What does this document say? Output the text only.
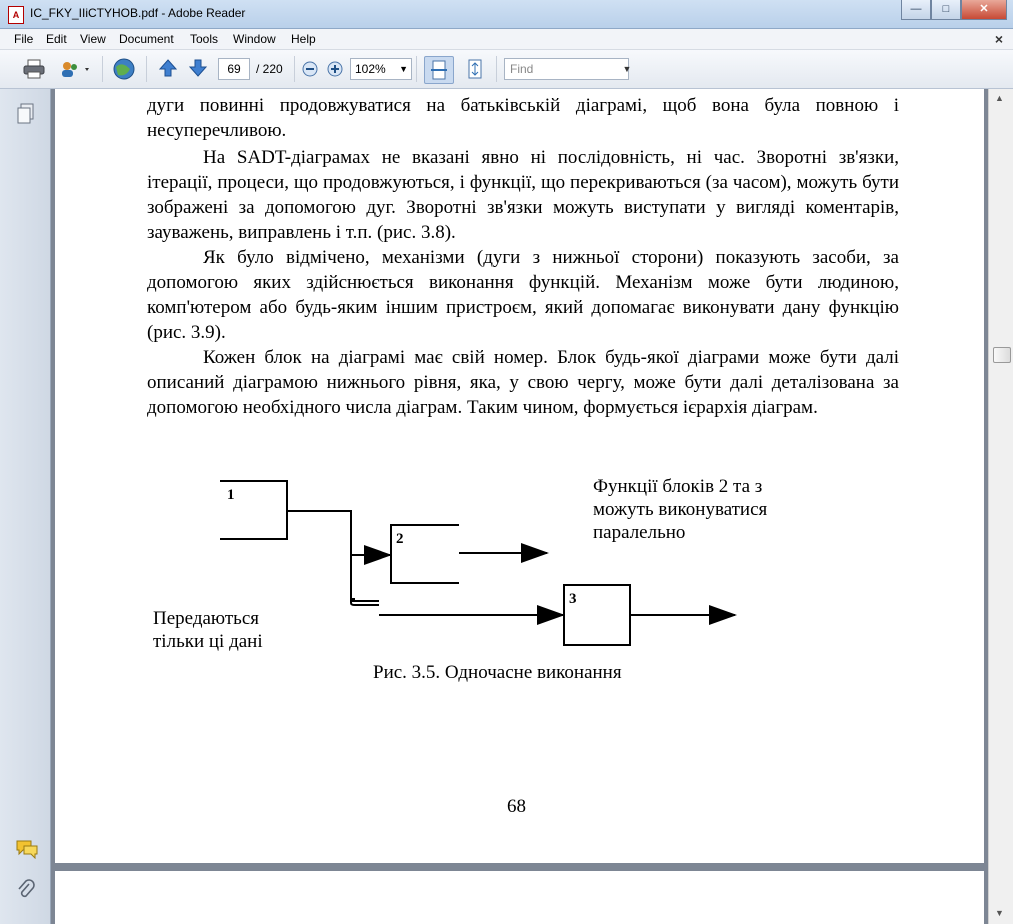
A IC_FKY_IIiCTYHOB.pdf - Adobe Reader	—	□	✕
File Edit View Document Tools Window Help	×
69	/ 220	102% ▼	Find	▼
дуги повинні продовжуватися на батьківській діаграмі, щоб вона була повною і несуперечливою.
На SADT-діаграмах не вказані явно ні послідовність, ні час. Зворотні зв'язки, ітерації, процеси, що продовжуються, і функції, що перекриваються (за часом), можуть бути зображені за допомогою дуг. Зворотні зв'язки можуть виступати у вигляді коментарів, зауважень, виправлень і т.п. (рис. 3.8).
Як було відмічено, механізми (дуги з нижньої сторони) показують засоби, за допомогою яких здійснюється виконання функцій. Механізм може бути людиною, комп'ютером або будь-яким іншим пристроєм, який допомагає виконувати дану функцію (рис. 3.9).
Кожен блок на діаграмі має свій номер. Блок будь-якої діаграми може бути далі описаний діаграмою нижнього рівня, яка, у свою чергу, може бути далі деталізована за допомогою необхідного числа діаграм. Таким чином, формується ієрархія діаграм.
1
2
3
Функції блоків 2 та з
можуть виконуватися
паралельно
Передаються
тільки ці дані
Рис. 3.5. Одночасне виконання
68
▲
▼
